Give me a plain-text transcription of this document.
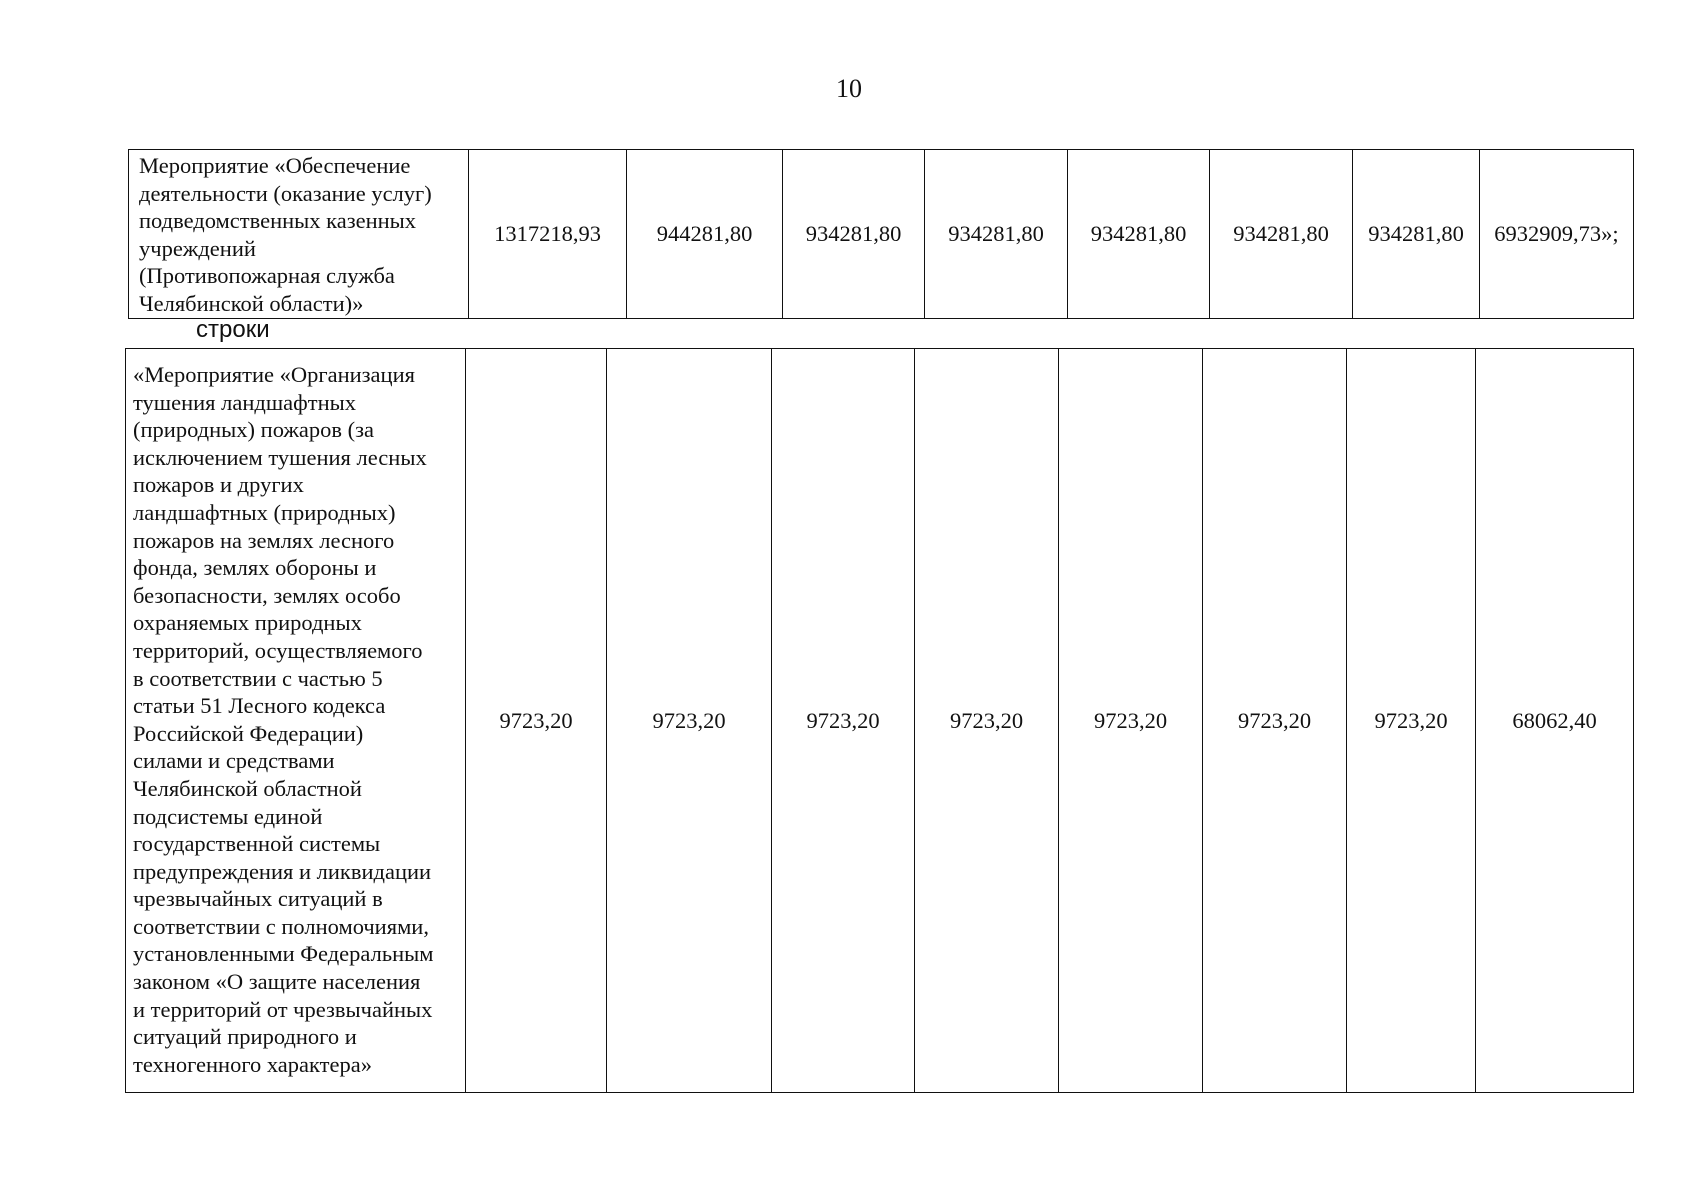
10
Мероприятие «Обеспечение
деятельности (оказание услуг)
подведомственных казенных
учреждений
(Противопожарная служба
Челябинской области)»	1317218,93	944281,80	934281,80	934281,80	934281,80	934281,80	934281,80	6932909,73»;
строки
«Мероприятие «Организация
тушения ландшафтных
(природных) пожаров (за
исключением тушения лесных
пожаров и других
ландшафтных (природных)
пожаров на землях лесного
фонда, землях обороны и
безопасности, землях особо
охраняемых природных
территорий, осуществляемого
в соответствии с частью 5
статьи 51 Лесного кодекса
Российской Федерации)
силами и средствами
Челябинской областной
подсистемы единой
государственной системы
предупреждения и ликвидации
чрезвычайных ситуаций в
соответствии с полномочиями,
установленными Федеральным
законом «О защите населения
и территорий от чрезвычайных
ситуаций природного и
техногенного характера»	9723,20	9723,20	9723,20	9723,20	9723,20	9723,20	9723,20	68062,40
